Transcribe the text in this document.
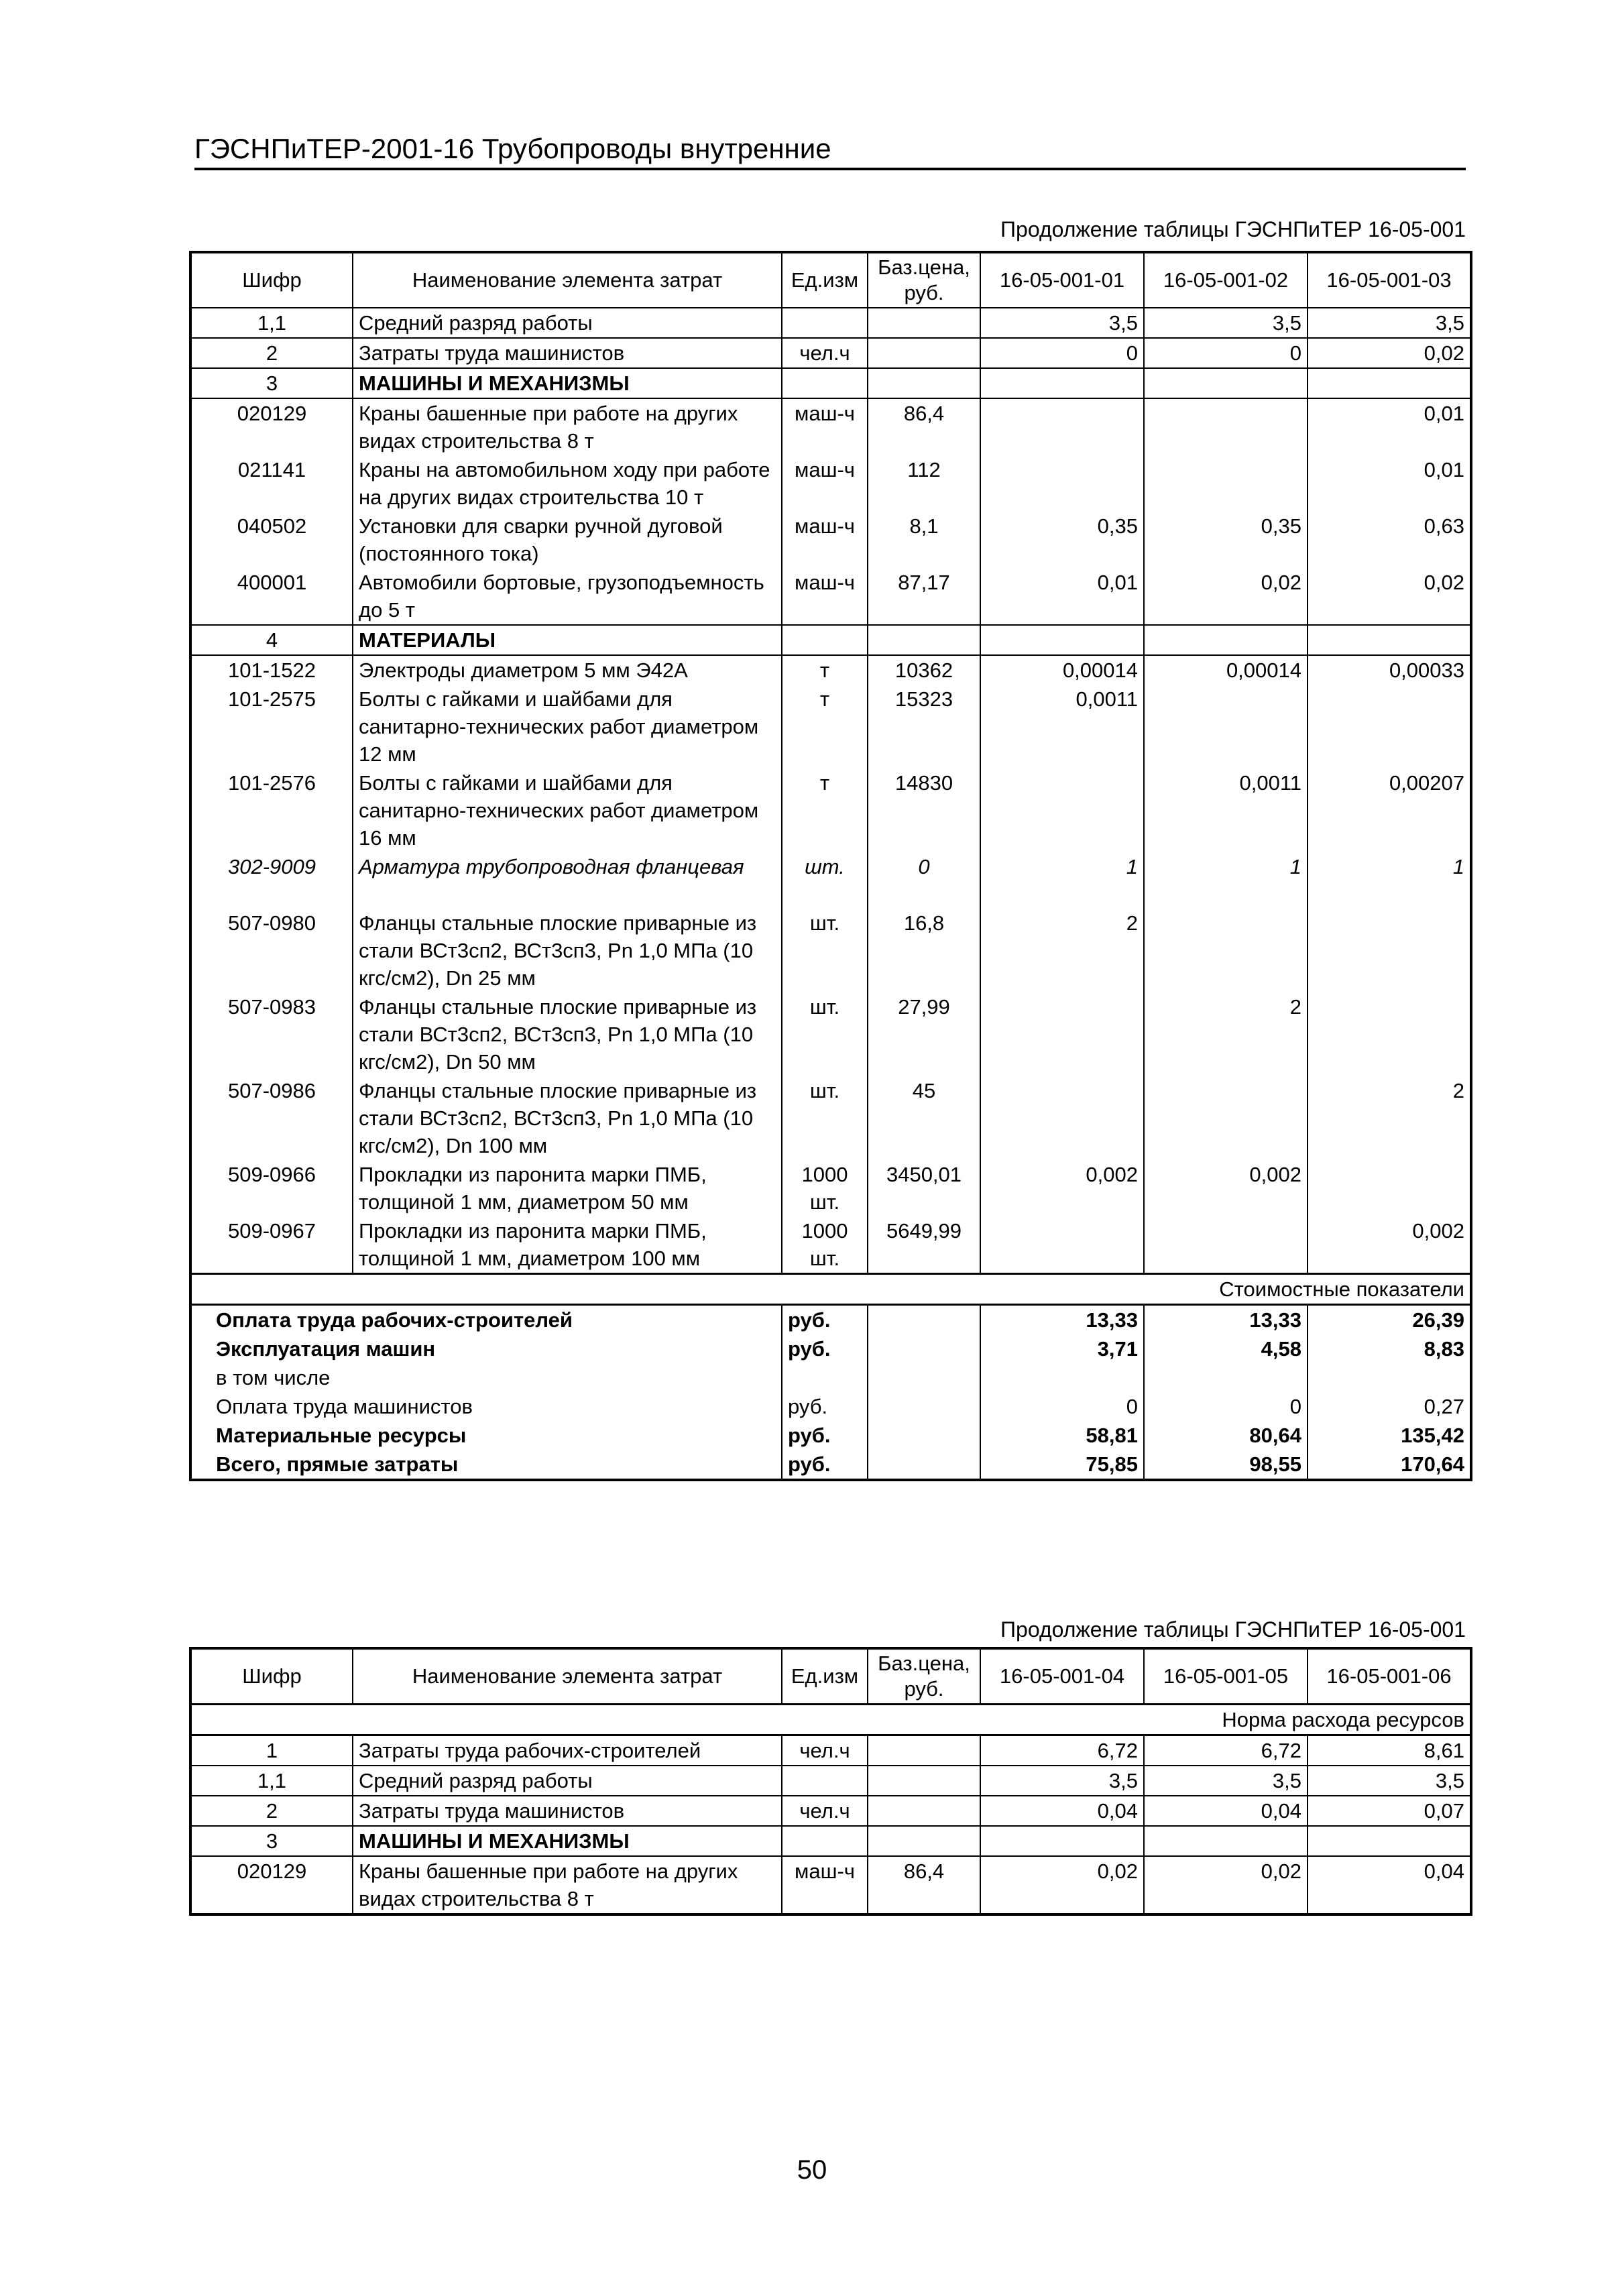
ГЭСНПиТЕР-2001-16 Трубопроводы внутренние
Продолжение таблицы ГЭСНПиТЕР 16-05-001
Шифр	Наименование элемента затрат	Ед.изм	Баз.цена, руб.	16-05-001-01	16-05-001-02	16-05-001-03
1,1	Средний разряд работы			3,5	3,5	3,5
2	Затраты труда машинистов	чел.ч		0	0	0,02
3	МАШИНЫ И МЕХАНИЗМЫ					
020129	Краны башенные при работе на других видах строительства 8 т	маш-ч	86,4			0,01
021141	Краны на автомобильном ходу при работе на других видах строительства 10 т	маш-ч	112			0,01
040502	Установки для сварки ручной дуговой (постоянного тока)	маш-ч	8,1	0,35	0,35	0,63
400001	Автомобили бортовые, грузоподъемность до 5 т	маш-ч	87,17	0,01	0,02	0,02
4	МАТЕРИАЛЫ					
101-1522	Электроды диаметром 5 мм Э42А	т	10362	0,00014	0,00014	0,00033
101-2575	Болты с гайками и шайбами для санитарно-технических работ диаметром 12 мм	т	15323	0,0011		
101-2576	Болты с гайками и шайбами для санитарно-технических работ диаметром 16 мм	т	14830		0,0011	0,00207
302-9009	Арматура трубопроводная фланцевая	шт.	0	1	1	1
507-0980	Фланцы стальные плоские приварные из стали ВСт3сп2, ВСт3сп3, Pn 1,0 МПа (10 кгс/см2), Dn 25 мм	шт.	16,8	2		
507-0983	Фланцы стальные плоские приварные из стали ВСт3сп2, ВСт3сп3, Pn 1,0 МПа (10 кгс/см2), Dn 50 мм	шт.	27,99		2	
507-0986	Фланцы стальные плоские приварные из стали ВСт3сп2, ВСт3сп3, Pn 1,0 МПа (10 кгс/см2), Dn 100 мм	шт.	45			2
509-0966	Прокладки из паронита марки ПМБ, толщиной 1 мм, диаметром 50 мм	1000 шт.	3450,01	0,002	0,002	
509-0967	Прокладки из паронита марки ПМБ, толщиной 1 мм, диаметром 100 мм	1000 шт.	5649,99			0,002
Стоимостные показатели						
Оплата труда рабочих-строителей		руб.		13,33	13,33	26,39
Эксплуатация машин		руб.		3,71	4,58	8,83
в том числе						
Оплата труда машинистов		руб.		0	0	0,27
Материальные ресурсы		руб.		58,81	80,64	135,42
Всего, прямые затраты		руб.		75,85	98,55	170,64
Продолжение таблицы ГЭСНПиТЕР 16-05-001
Шифр	Наименование элемента затрат	Ед.изм	Баз.цена, руб.	16-05-001-04	16-05-001-05	16-05-001-06
Норма расхода ресурсов						
1	Затраты труда рабочих-строителей	чел.ч		6,72	6,72	8,61
1,1	Средний разряд работы			3,5	3,5	3,5
2	Затраты труда машинистов	чел.ч		0,04	0,04	0,07
3	МАШИНЫ И МЕХАНИЗМЫ					
020129	Краны башенные при работе на других видах строительства 8 т	маш-ч	86,4	0,02	0,02	0,04
50
